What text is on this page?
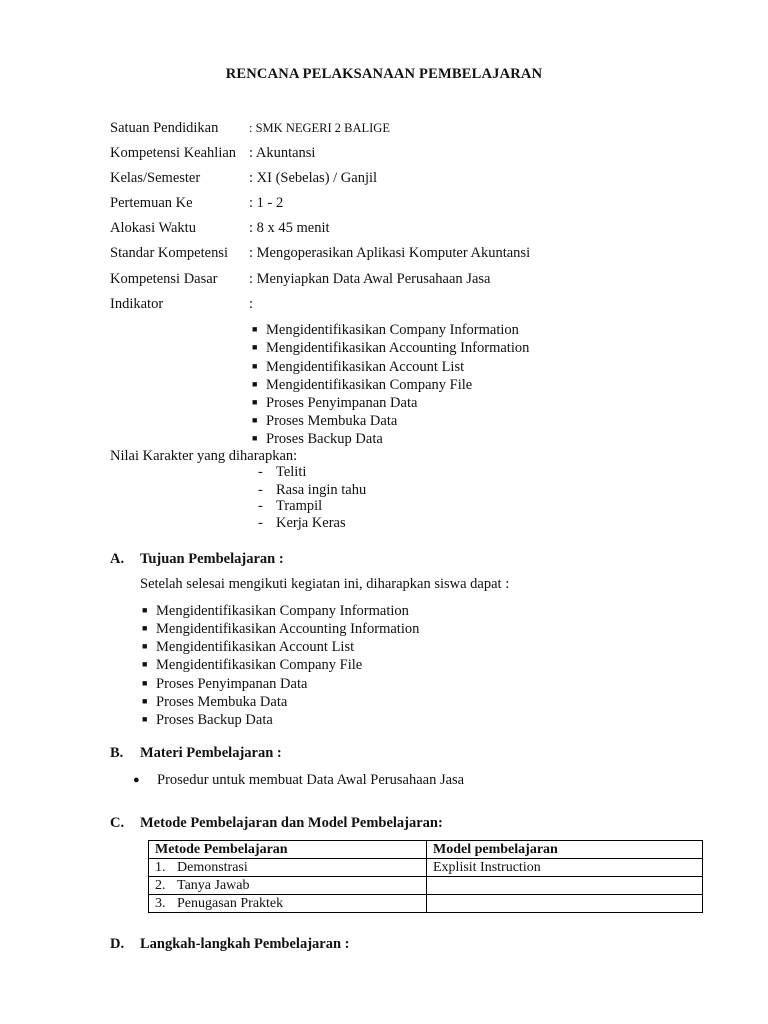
RENCANA PELAKSANAAN PEMBELAJARAN
Satuan Pendidikan : SMK NEGERI 2 BALIGE
Kompetensi Keahlian : Akuntansi
Kelas/Semester	: XI (Sebelas) / Ganjil
Pertemuan Ke	: 1 - 2
Alokasi Waktu	: 8 x 45 menit
Standar Kompetensi : Mengoperasikan Aplikasi Komputer Akuntansi
Kompetensi Dasar : Menyiapkan Data Awal Perusahaan Jasa
Indikator	:
■ Mengidentifikasikan Company Information
■ Mengidentifikasikan Accounting Information
■ Mengidentifikasikan Account List
■ Mengidentifikasikan Company File
■ Proses Penyimpanan Data
■ Proses Membuka Data
■ Proses Backup Data
Nilai Karakter yang diharapkan:
- Teliti
- Rasa ingin tahu
- Trampil
- Kerja Keras
A. Tujuan Pembelajaran :
Setelah selesai mengikuti kegiatan ini, diharapkan siswa dapat :
■ Mengidentifikasikan Company Information
■ Mengidentifikasikan Accounting Information
■ Mengidentifikasikan Account List
■ Mengidentifikasikan Company File
■ Proses Penyimpanan Data
■ Proses Membuka Data
■ Proses Backup Data
B. Materi Pembelajaran :
● Prosedur untuk membuat Data Awal Perusahaan Jasa
C. Metode Pembelajaran dan Model Pembelajaran:
Metode Pembelajaran	Model pembelajaran
1. Demonstrasi	Explisit Instruction
2. Tanya Jawab	
3. Penugasan Praktek	
D. Langkah-langkah Pembelajaran :
